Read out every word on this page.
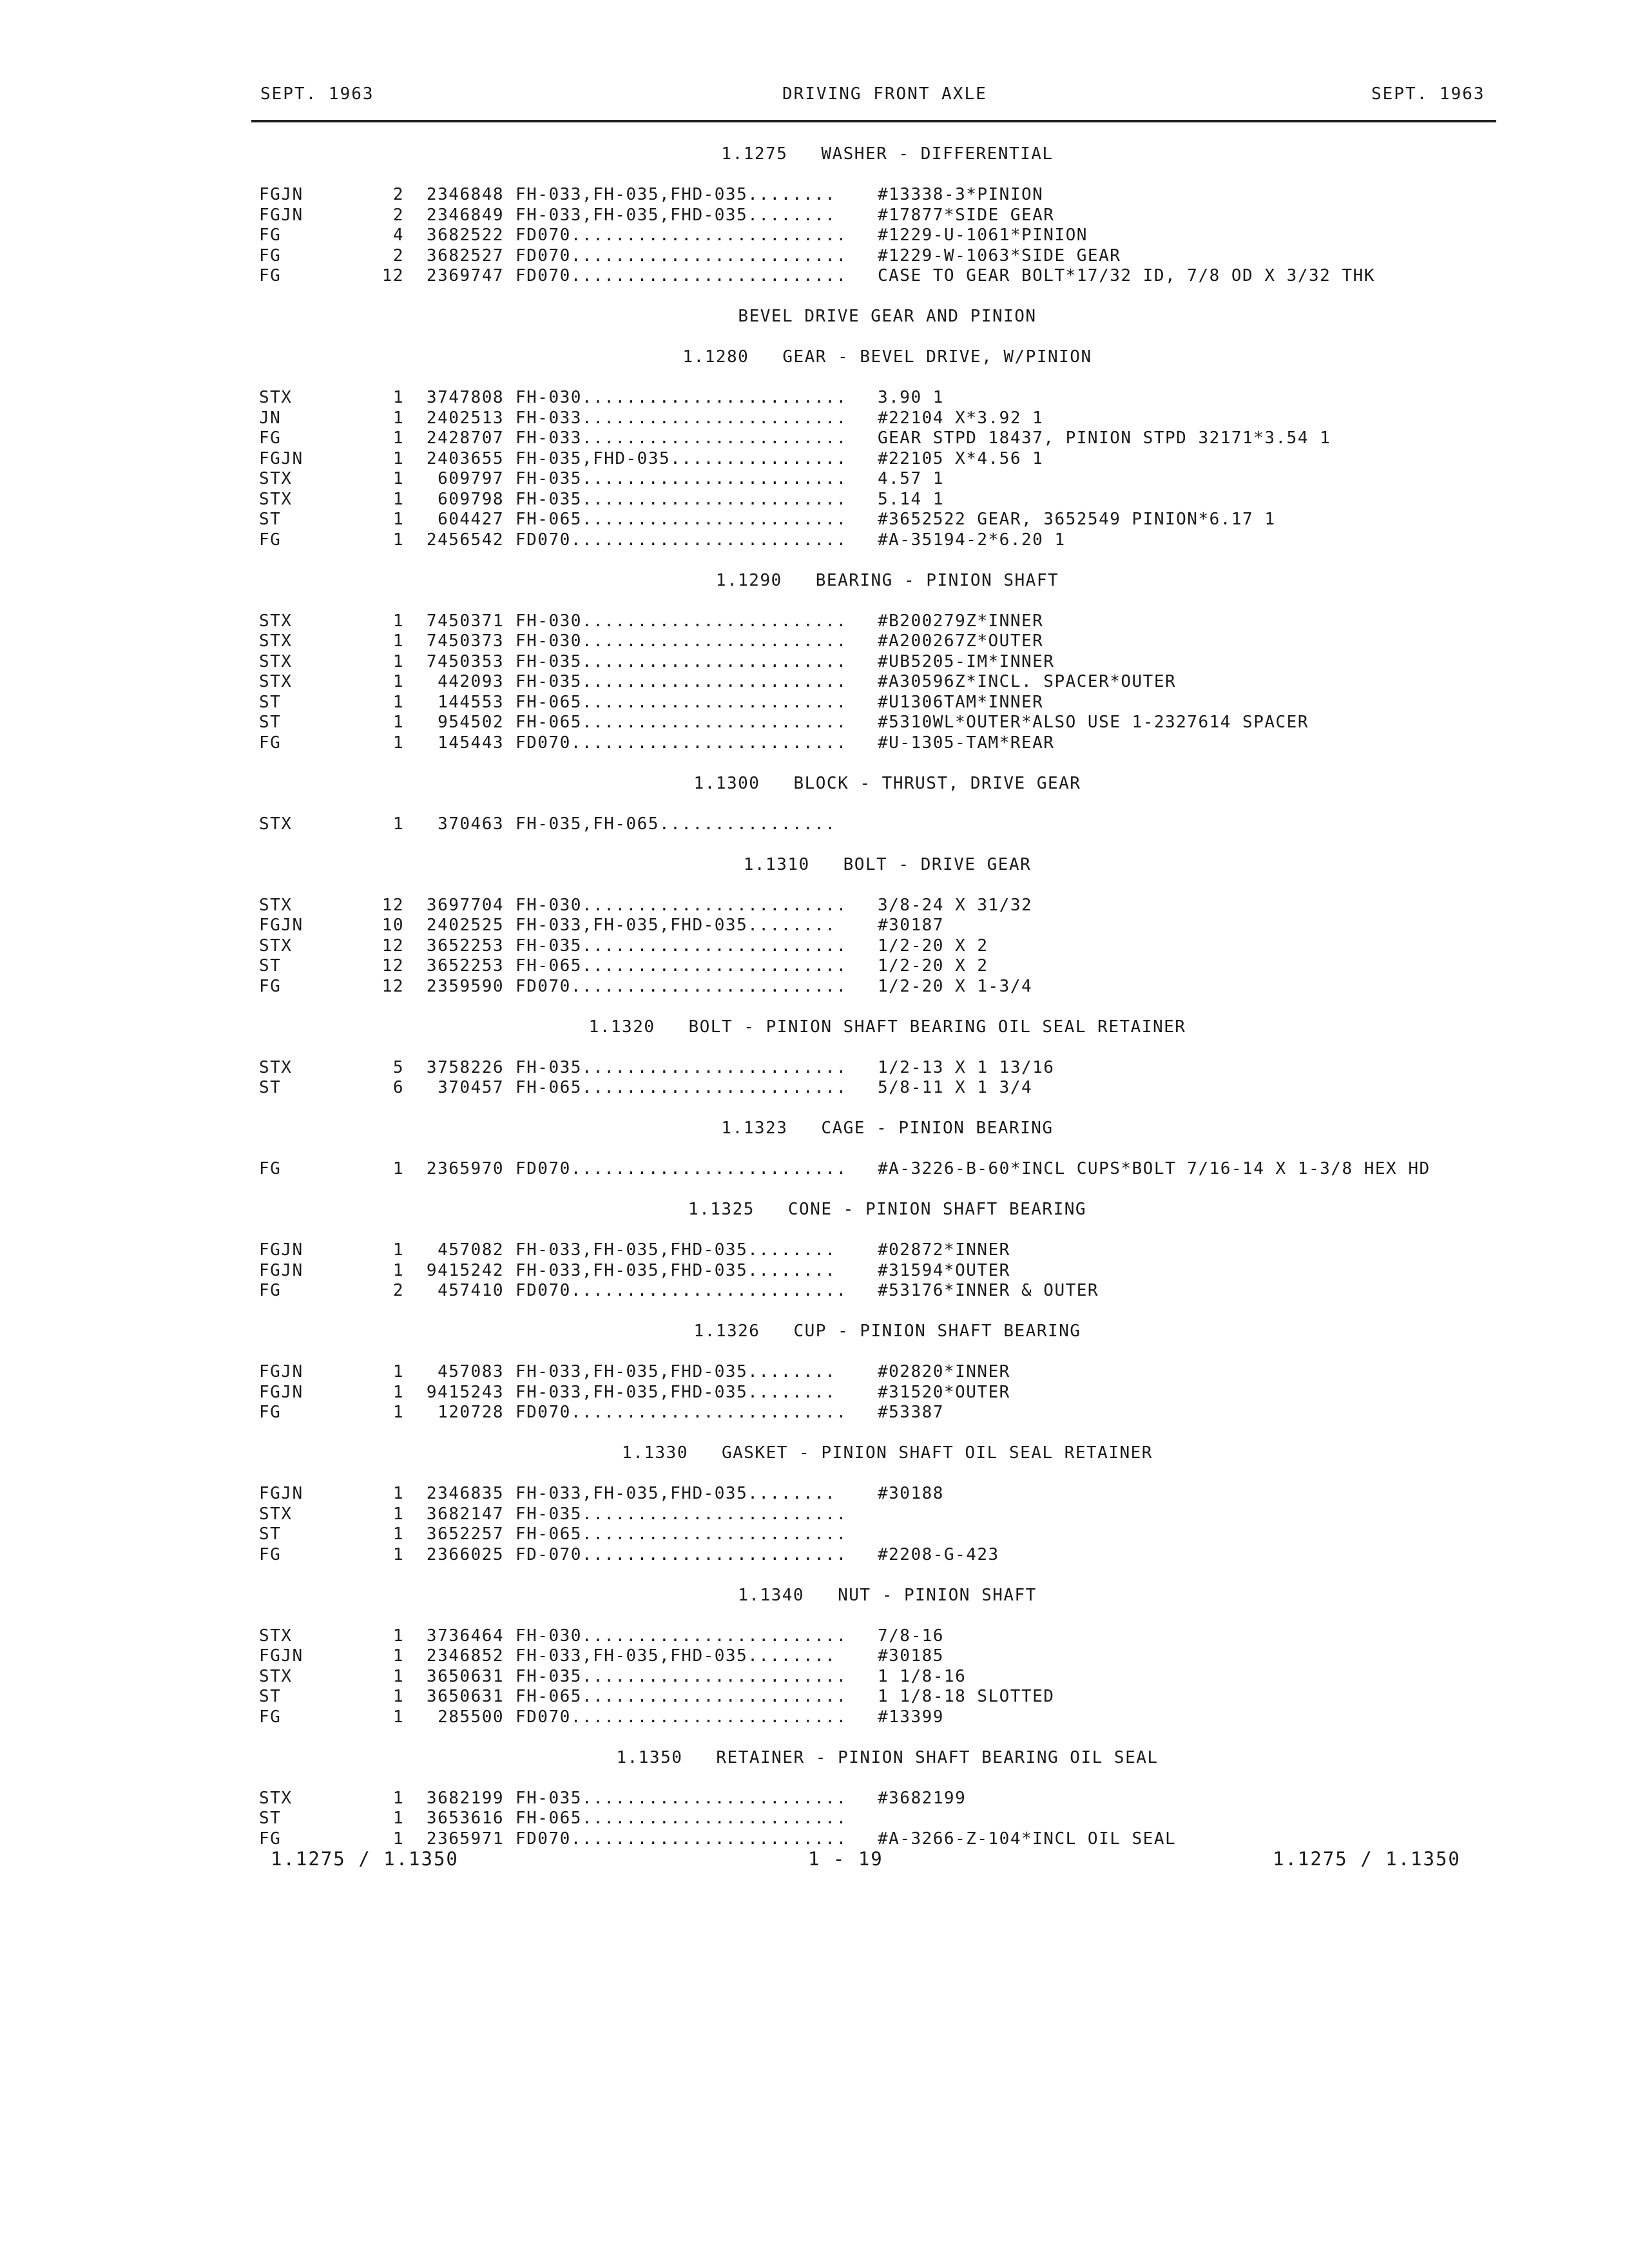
SEPT. 1963	DRIVING FRONT AXLE	SEPT. 1963
1.1275 WASHER - DIFFERENTIAL
FGJN	2	2346848 FH-033,FH-035,FHD-035........ #13338-3*PINION
FGJN	2	2346849 FH-033,FH-035,FHD-035........ #17877*SIDE GEAR
FG	4	3682522 FD070......................... #1229-U-1061*PINION
FG	2	3682527 FD070......................... #1229-W-1063*SIDE GEAR
FG	12	2369747 FD070......................... CASE TO GEAR BOLT*17/32 ID, 7/8 OD X 3/32 THK
BEVEL DRIVE GEAR AND PINION
1.1280 GEAR - BEVEL DRIVE, W/PINION
STX	1	3747808 FH-030........................ 3.90 1
JN	1	2402513 FH-033........................ #22104 X*3.92 1
FG	1	2428707 FH-033........................ GEAR STPD 18437, PINION STPD 32171*3.54 1
FGJN	1	2403655 FH-035,FHD-035................ #22105 X*4.56 1
STX	1	609797 FH-035........................ 4.57 1
STX	1	609798 FH-035........................ 5.14 1
ST	1	604427 FH-065........................ #3652522 GEAR, 3652549 PINION*6.17 1
FG	1	2456542 FD070......................... #A-35194-2*6.20 1
1.1290 BEARING - PINION SHAFT
STX	1	7450371 FH-030........................ #B200279Z*INNER
STX	1	7450373 FH-030........................ #A200267Z*OUTER
STX	1	7450353 FH-035........................ #UB5205-IM*INNER
STX	1	442093 FH-035........................ #A30596Z*INCL. SPACER*OUTER
ST	1	144553 FH-065........................ #U1306TAM*INNER
ST	1	954502 FH-065........................ #5310WL*OUTER*ALSO USE 1-2327614 SPACER
FG	1	145443 FD070......................... #U-1305-TAM*REAR
1.1300 BLOCK - THRUST, DRIVE GEAR
STX	1	370463 FH-035,FH-065................
1.1310 BOLT - DRIVE GEAR
STX	12	3697704 FH-030........................ 3/8-24 X 31/32
FGJN	10	2402525 FH-033,FH-035,FHD-035........ #30187
STX	12	3652253 FH-035........................ 1/2-20 X 2
ST	12	3652253 FH-065........................ 1/2-20 X 2
FG	12	2359590 FD070......................... 1/2-20 X 1-3/4
1.1320 BOLT - PINION SHAFT BEARING OIL SEAL RETAINER
STX	5	3758226 FH-035........................ 1/2-13 X 1 13/16
ST	6	370457 FH-065........................ 5/8-11 X 1 3/4
1.1323 CAGE - PINION BEARING
FG	1	2365970 FD070......................... #A-3226-B-60*INCL CUPS*BOLT 7/16-14 X 1-3/8 HEX HD
1.1325 CONE - PINION SHAFT BEARING
FGJN	1	457082 FH-033,FH-035,FHD-035........ #02872*INNER
FGJN	1	9415242 FH-033,FH-035,FHD-035........ #31594*OUTER
FG	2	457410 FD070......................... #53176*INNER & OUTER
1.1326 CUP - PINION SHAFT BEARING
FGJN	1	457083 FH-033,FH-035,FHD-035........ #02820*INNER
FGJN	1	9415243 FH-033,FH-035,FHD-035........ #31520*OUTER
FG	1	120728 FD070......................... #53387
1.1330 GASKET - PINION SHAFT OIL SEAL RETAINER
FGJN	1	2346835 FH-033,FH-035,FHD-035........ #30188
STX	1	3682147 FH-035........................
ST	1	3652257 FH-065........................
FG	1	2366025 FD-070........................ #2208-G-423
1.1340 NUT - PINION SHAFT
STX	1	3736464 FH-030........................ 7/8-16
FGJN	1	2346852 FH-033,FH-035,FHD-035........ #30185
STX	1	3650631 FH-035........................ 1 1/8-16
ST	1	3650631 FH-065........................ 1 1/8-18 SLOTTED
FG	1	285500 FD070......................... #13399
1.1350 RETAINER - PINION SHAFT BEARING OIL SEAL
STX	1	3682199 FH-035........................ #3682199
ST	1	3653616 FH-065........................
FG	1	2365971 FD070......................... #A-3266-Z-104*INCL OIL SEAL
1.1275 / 1.1350	1 - 19	1.1275 / 1.1350
